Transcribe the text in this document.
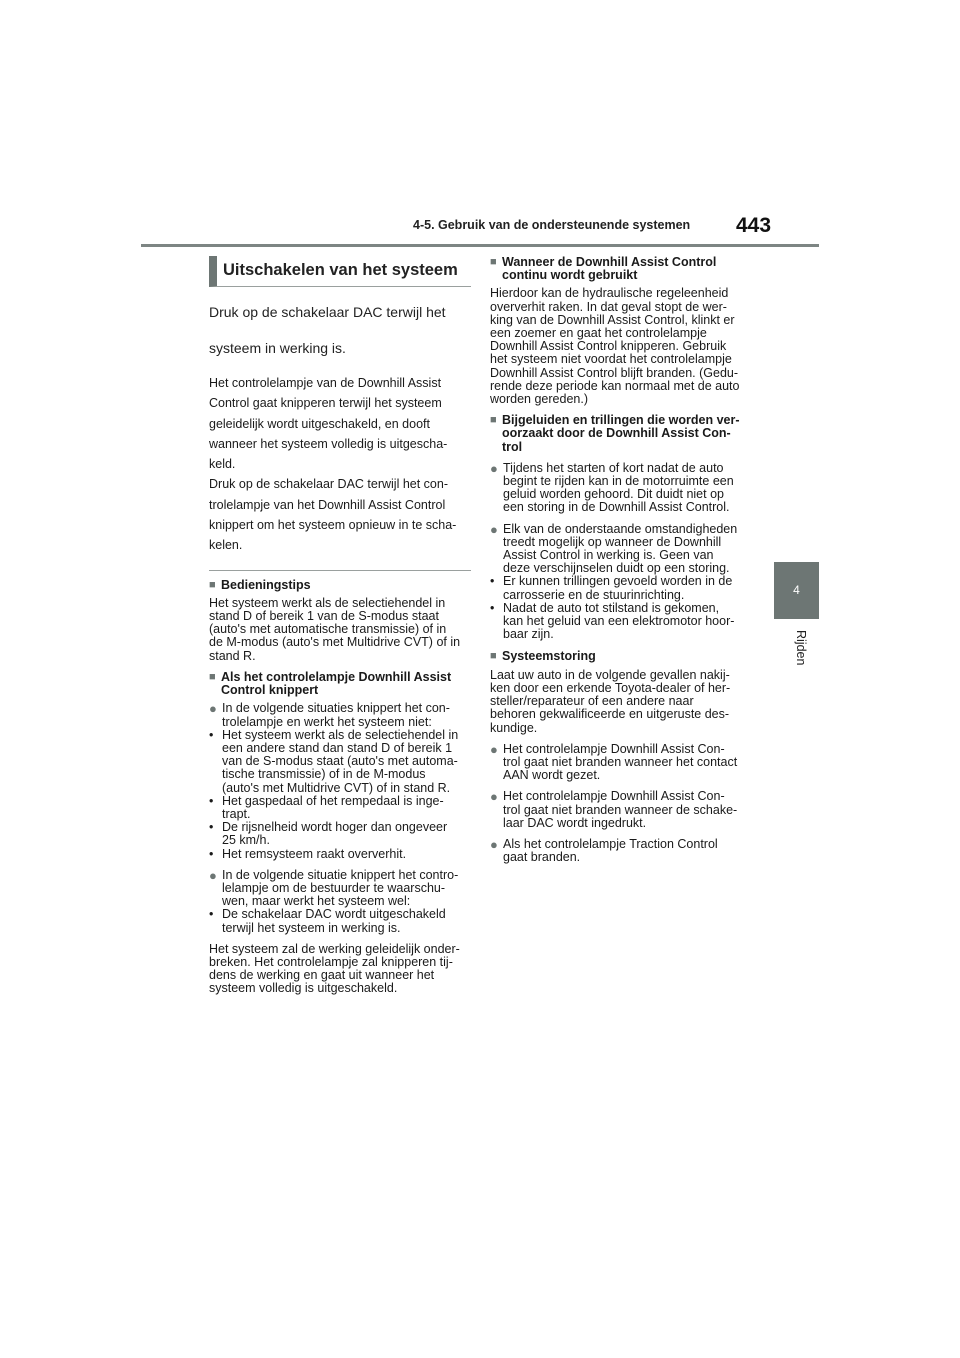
4-5. Gebruik van de ondersteunende systemen 443
4
Rijden
Uitschakelen van het systeem

Druk op de schakelaar DAC terwijl het

systeem in werking is.

Het controlelampje van de Downhill Assist

Control gaat knipperen terwijl het systeem

geleidelijk wordt uitgeschakeld, en dooft

wanneer het systeem volledig is uitgescha-

keld.

Druk op de schakelaar DAC terwijl het con-

trolelampje van het Downhill Assist Control

knippert om het systeem opnieuw in te scha-

kelen.

■ Bedieningstips

Het systeem werkt als de selectiehendel in

stand D of bereik 1 van de S-modus staat

(auto's met automatische transmissie) of in

de M-modus (auto's met Multidrive CVT) of in

stand R.

■ Als het controlelampje Downhill Assist

Control knippert

● In de volgende situaties knippert het con-

trolelampje en werkt het systeem niet:

• Het systeem werkt als de selectiehendel in

een andere stand dan stand D of bereik 1

van de S-modus staat (auto's met automa-

tische transmissie) of in de M-modus

(auto's met Multidrive CVT) of in stand R.

• Het gaspedaal of het rempedaal is inge-

trapt.

• De rijsnelheid wordt hoger dan ongeveer

25 km/h.

• Het remsysteem raakt oververhit.

● In de volgende situatie knippert het contro-

lelampje om de bestuurder te waarschu-

wen, maar werkt het systeem wel:

• De schakelaar DAC wordt uitgeschakeld

terwijl het systeem in werking is.

Het systeem zal de werking geleidelijk onder-

breken. Het controlelampje zal knipperen tij-

dens de werking en gaat uit wanneer het

systeem volledig is uitgeschakeld.

■ Wanneer de Downhill Assist Control

continu wordt gebruikt

Hierdoor kan de hydraulische regeleenheid

oververhit raken. In dat geval stopt de wer-

king van de Downhill Assist Control, klinkt er

een zoemer en gaat het controlelampje

Downhill Assist Control knipperen. Gebruik

het systeem niet voordat het controlelampje

Downhill Assist Control blijft branden. (Gedu-

rende deze periode kan normaal met de auto

worden gereden.)

■ Bijgeluiden en trillingen die worden ver-

oorzaakt door de Downhill Assist Con-

trol

● Tijdens het starten of kort nadat de auto

begint te rijden kan in de motorruimte een

geluid worden gehoord. Dit duidt niet op

een storing in de Downhill Assist Control.

● Elk van de onderstaande omstandigheden

treedt mogelijk op wanneer de Downhill

Assist Control in werking is. Geen van

deze verschijnselen duidt op een storing.

• Er kunnen trillingen gevoeld worden in de

carrosserie en de stuurinrichting.

• Nadat de auto tot stilstand is gekomen,

kan het geluid van een elektromotor hoor-

baar zijn.

■ Systeemstoring

Laat uw auto in de volgende gevallen nakij-

ken door een erkende Toyota-dealer of her-

steller/reparateur of een andere naar

behoren gekwalificeerde en uitgeruste des-

kundige.

● Het controlelampje Downhill Assist Con-

trol gaat niet branden wanneer het contact

AAN wordt gezet.

● Het controlelampje Downhill Assist Con-

trol gaat niet branden wanneer de schake-

laar DAC wordt ingedrukt.

● Als het controlelampje Traction Control

gaat branden.
